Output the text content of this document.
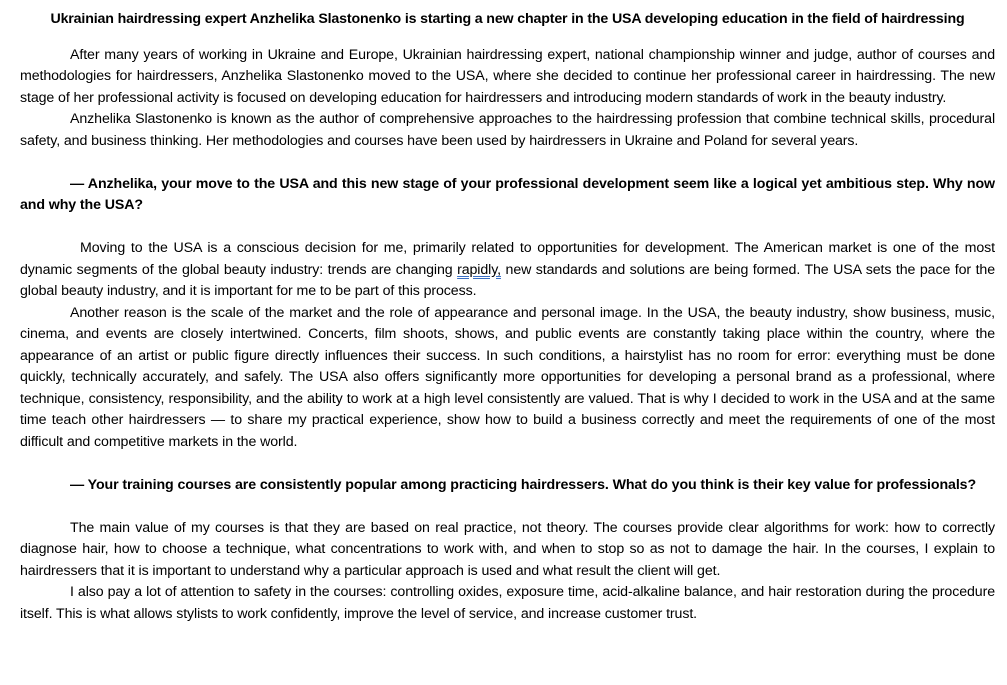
Ukrainian hairdressing expert Anzhelika Slastonenko is starting a new chapter in the USA developing education in the field of hairdressing

After many years of working in Ukraine and Europe, Ukrainian hairdressing expert, national championship winner and judge, author of courses and methodologies for hairdressers, Anzhelika Slastonenko moved to the USA, where she decided to continue her professional career in hairdressing. The new stage of her professional activity is focused on developing education for hairdressers and introducing modern standards of work in the beauty industry.

Anzhelika Slastonenko is known as the author of comprehensive approaches to the hairdressing profession that combine technical skills, procedural safety, and business thinking. Her methodologies and courses have been used by hairdressers in Ukraine and Poland for several years.

— Anzhelika, your move to the USA and this new stage of your professional development seem like a logical yet ambitious step. Why now and why the USA?

Moving to the USA is a conscious decision for me, primarily related to opportunities for development. The American market is one of the most dynamic segments of the global beauty industry: trends are changing rapidly, new standards and solutions are being formed. The USA sets the pace for the global beauty industry, and it is important for me to be part of this process.

Another reason is the scale of the market and the role of appearance and personal image. In the USA, the beauty industry, show business, music, cinema, and events are closely intertwined. Concerts, film shoots, shows, and public events are constantly taking place within the country, where the appearance of an artist or public figure directly influences their success. In such conditions, a hairstylist has no room for error: everything must be done quickly, technically accurately, and safely. The USA also offers significantly more opportunities for developing a personal brand as a professional, where technique, consistency, responsibility, and the ability to work at a high level consistently are valued. That is why I decided to work in the USA and at the same time teach other hairdressers — to share my practical experience, show how to build a business correctly and meet the requirements of one of the most difficult and competitive markets in the world.

— Your training courses are consistently popular among practicing hairdressers. What do you think is their key value for professionals?

The main value of my courses is that they are based on real practice, not theory. The courses provide clear algorithms for work: how to correctly diagnose hair, how to choose a technique, what concentrations to work with, and when to stop so as not to damage the hair. In the courses, I explain to hairdressers that it is important to understand why a particular approach is used and what result the client will get.

I also pay a lot of attention to safety in the courses: controlling oxides, exposure time, acid-alkaline balance, and hair restoration during the procedure itself. This is what allows stylists to work confidently, improve the level of service, and increase customer trust.
